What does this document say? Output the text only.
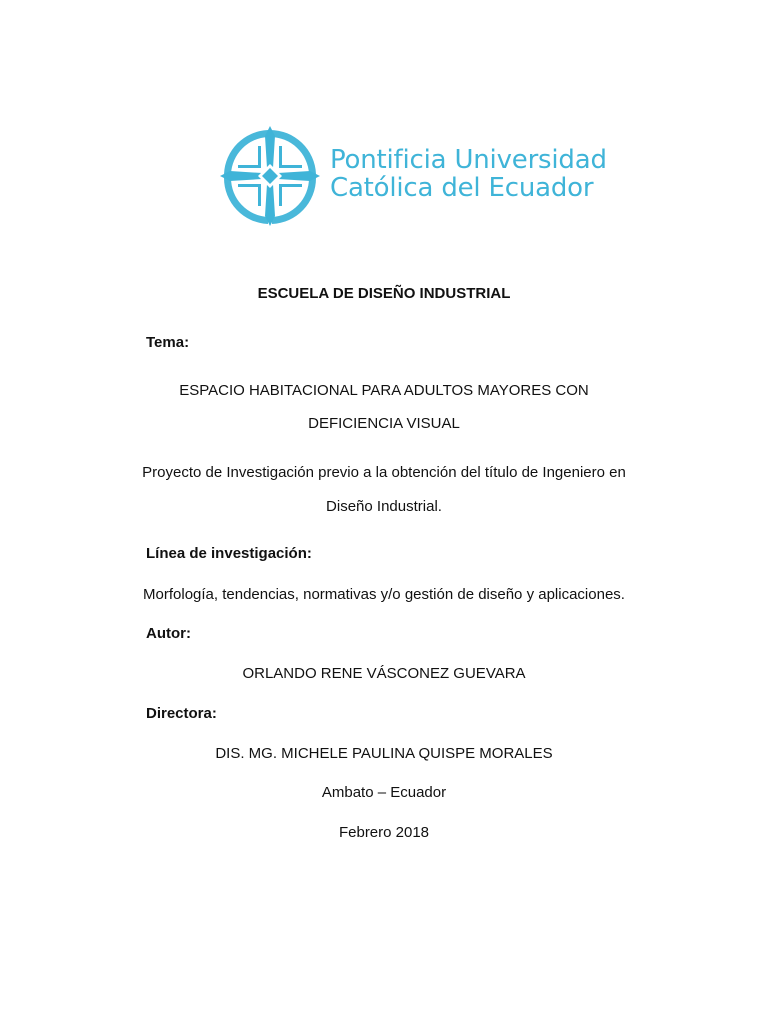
Pontificia Universidad
Católica del Ecuador
ESCUELA DE DISEÑO INDUSTRIAL
Tema:
ESPACIO HABITACIONAL PARA ADULTOS MAYORES CON
DEFICIENCIA VISUAL
Proyecto de Investigación previo a la obtención del título de Ingeniero en
Diseño Industrial.
Línea de investigación:
Morfología, tendencias, normativas y/o gestión de diseño y aplicaciones.
Autor:
ORLANDO RENE VÁSCONEZ GUEVARA
Directora:
DIS. MG. MICHELE PAULINA QUISPE MORALES
Ambato – Ecuador
Febrero 2018
